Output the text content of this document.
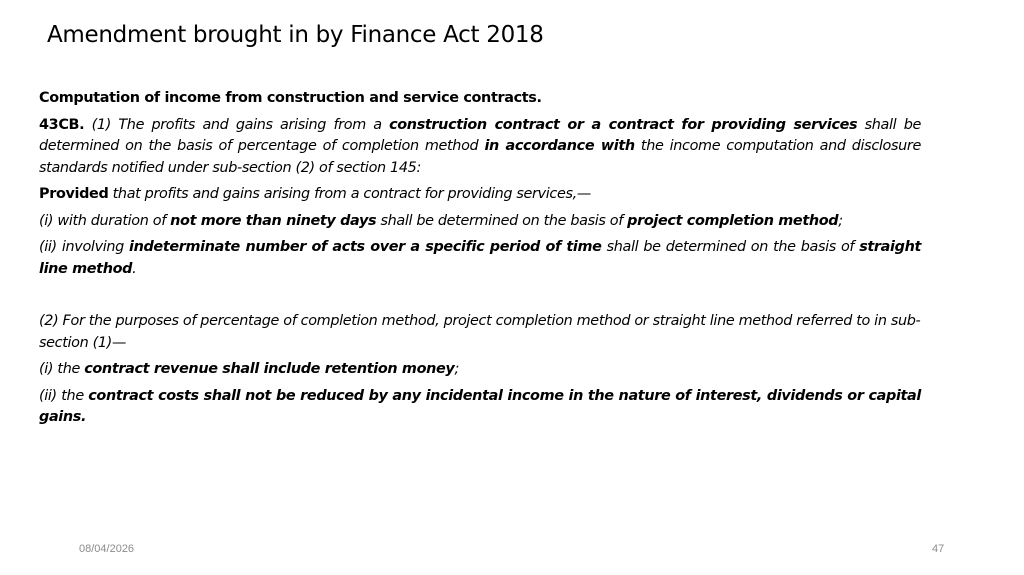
Amendment brought in by Finance Act 2018

Computation of income from construction and service contracts.

43CB. (1) The profits and gains arising from a construction contract or a contract for providing services shall be determined on the basis of percentage of completion method in accordance with the income computation and disclosure standards notified under sub-section (2) of section 145:

Provided that profits and gains arising from a contract for providing services,—

(i) with duration of not more than ninety days shall be determined on the basis of project completion method;

(ii) involving indeterminate number of acts over a specific period of time shall be determined on the basis of straight line method.

(2) For the purposes of percentage of completion method, project completion method or straight line method referred to in sub-section (1)—

(i) the contract revenue shall include retention money;

(ii) the contract costs shall not be reduced by any incidental income in the nature of interest, dividends or capital gains.

08/04/2026	47
